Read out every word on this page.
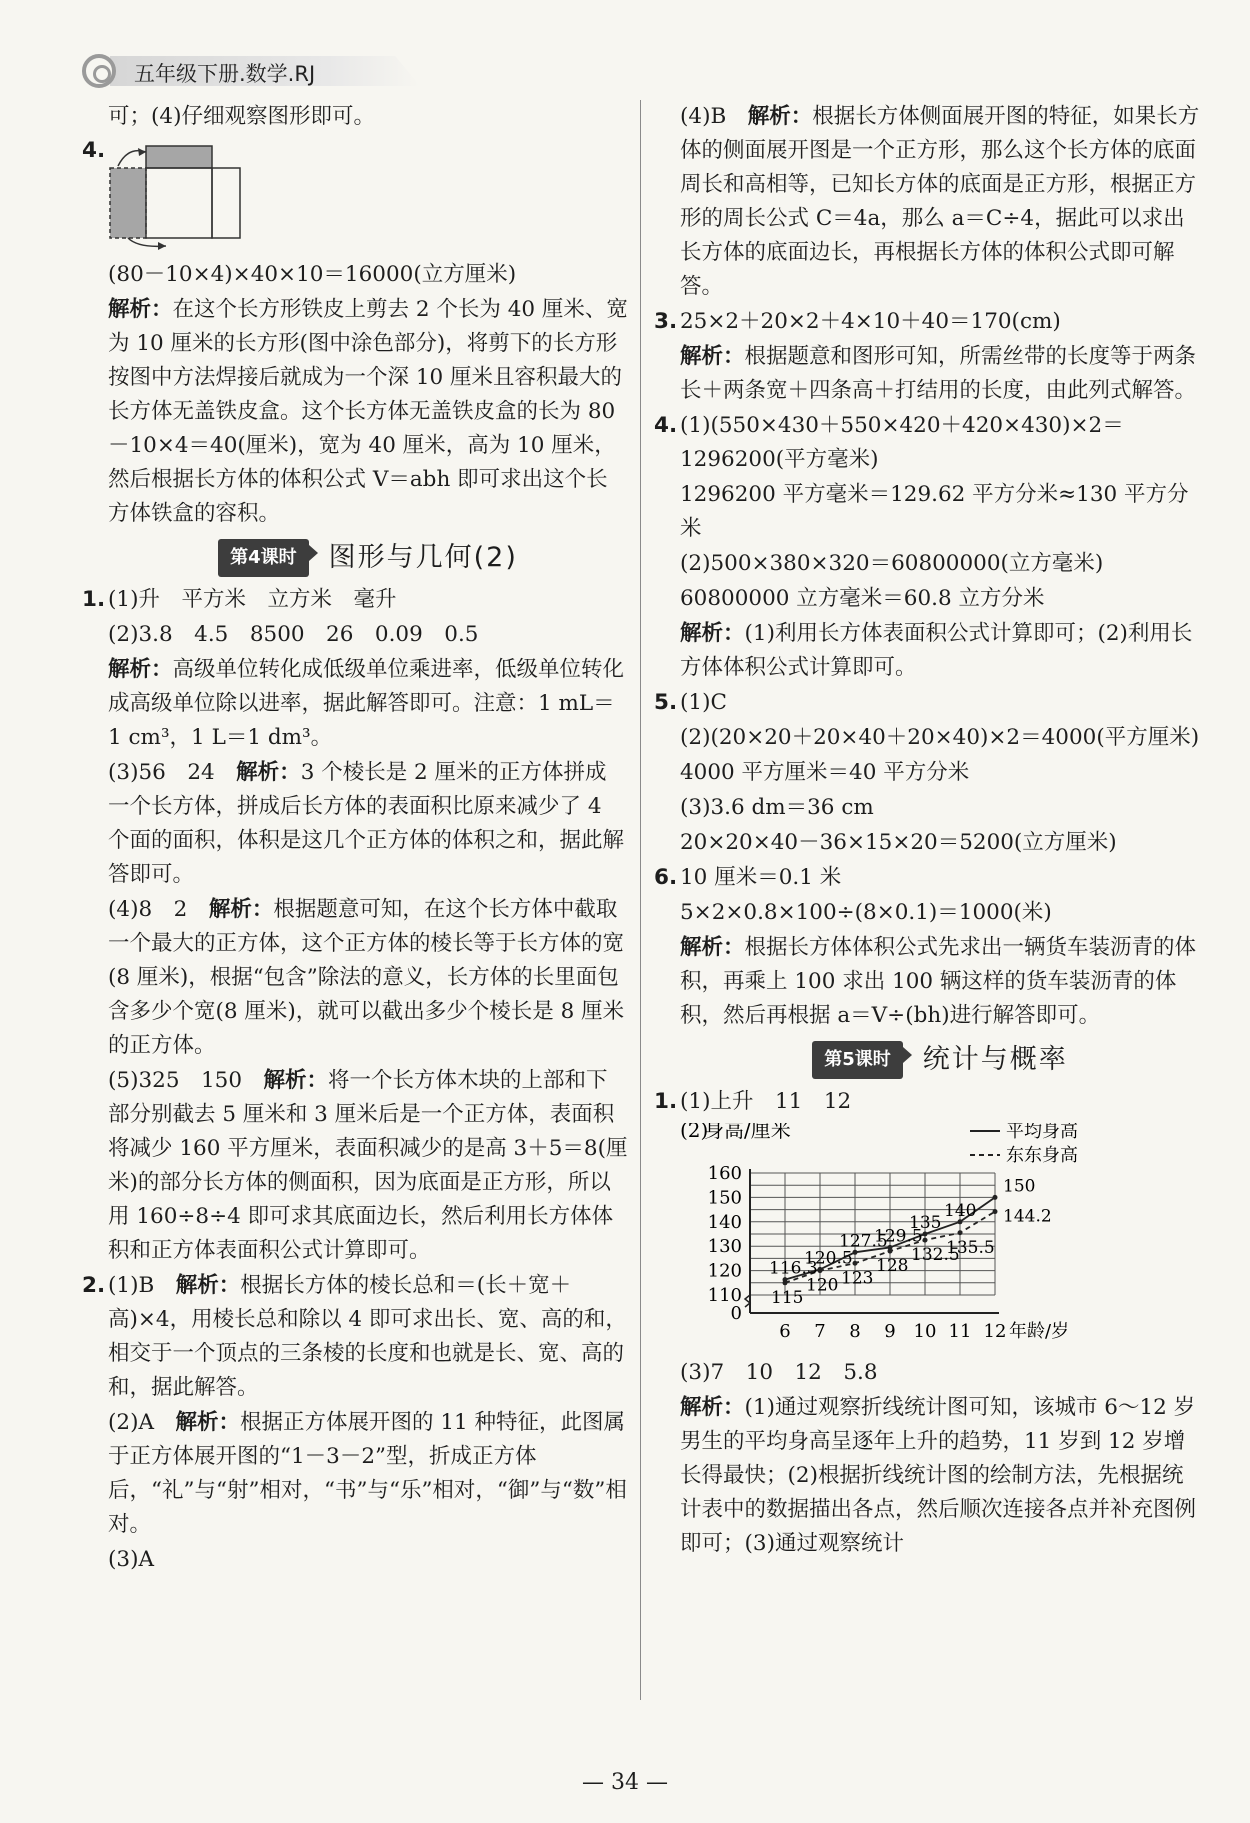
五年级下册.数学.RJ

可；(4)仔细观察图形即可。

4.

(80－10×4)×40×10＝16000(立方厘米)

解析：在这个长方形铁皮上剪去 2 个长为 40 厘米、宽为 10 厘米的长方形(图中涂色部分)，将剪下的长方形按图中方法焊接后就成为一个深 10 厘米且容积最大的长方体无盖铁皮盒。这个长方体无盖铁皮盒的长为 80－10×4＝40(厘米)，宽为 40 厘米，高为 10 厘米，然后根据长方体的体积公式 V＝abh 即可求出这个长方体铁盒的容积。

第4课时	图形与几何(2)

1. (1)升　平方米　立方米　毫升

(2)3.8　4.5　8500　26　0.09　0.5

解析：高级单位转化成低级单位乘进率，低级单位转化成高级单位除以进率，据此解答即可。注意：1 mL＝1 cm³，1 L＝1 dm³。

(3)56　24　解析：3 个棱长是 2 厘米的正方体拼成一个长方体，拼成后长方体的表面积比原来减少了 4 个面的面积，体积是这几个正方体的体积之和，据此解答即可。

(4)8　2　解析：根据题意可知，在这个长方体中截取一个最大的正方体，这个正方体的棱长等于长方体的宽(8 厘米)，根据“包含”除法的意义，长方体的长里面包含多少个宽(8 厘米)，就可以截出多少个棱长是 8 厘米的正方体。

(5)325　150　解析：将一个长方体木块的上部和下部分别截去 5 厘米和 3 厘米后是一个正方体，表面积将减少 160 平方厘米，表面积减少的是高 3＋5＝8(厘米)的部分长方体的侧面积，因为底面是正方形，所以用 160÷8÷4 即可求其底面边长，然后利用长方体体积和正方体表面积公式计算即可。

2. (1)B　解析：根据长方体的棱长总和＝(长＋宽＋高)×4，用棱长总和除以 4 即可求出长、宽、高的和，相交于一个顶点的三条棱的长度和也就是长、宽、高的和，据此解答。

(2)A　解析：根据正方体展开图的 11 种特征，此图属于正方体展开图的“1－3－2”型，折成正方体后，“礼”与“射”相对，“书”与“乐”相对，“御”与“数”相对。

(3)A

(4)B　解析：根据长方体侧面展开图的特征，如果长方体的侧面展开图是一个正方形，那么这个长方体的底面周长和高相等，已知长方体的底面是正方形，根据正方形的周长公式 C＝4a，那么 a＝C÷4，据此可以求出长方体的底面边长，再根据长方体的体积公式即可解答。

3. 25×2＋20×2＋4×10＋40＝170(cm)

解析：根据题意和图形可知，所需丝带的长度等于两条长＋两条宽＋四条高＋打结用的长度，由此列式解答。

4. (1)(550×430＋550×420＋420×430)×2＝1296200(平方毫米)

1296200 平方毫米＝129.62 平方分米≈130 平方分米

(2)500×380×320＝60800000(立方毫米)

60800000 立方毫米＝60.8 立方分米

解析：(1)利用长方体表面积公式计算即可；(2)利用长方体体积公式计算即可。

5. (1)C

(2)(20×20＋20×40＋20×40)×2＝4000(平方厘米)

4000 平方厘米＝40 平方分米

(3)3.6 dm＝36 cm

20×20×40－36×15×20＝5200(立方厘米)

6. 10 厘米＝0.1 米

5×2×0.8×100÷(8×0.1)＝1000(米)

解析：根据长方体体积公式先求出一辆货车装沥青的体积，再乘上 100 求出 100 辆这样的货车装沥青的体积，然后再根据 a＝V÷(bh)进行解答即可。

第5课时	统计与概率

1. (1)上升　11　12

(2)
身高/厘米	平均身高
东东身高
0
110
120
130
140
150
160
6 7 8 9 10 11 12 年龄/岁
116.3
120.5
127.5
129.5
135
140
150
115
120 123
128
132.5
135.5
144.2

(3)7　10　12　5.8

解析：(1)通过观察折线统计图可知，该城市 6～12 岁男生的平均身高呈逐年上升的趋势，11 岁到 12 岁增长得最快；(2)根据折线统计图的绘制方法，先根据统计表中的数据描出各点，然后顺次连接各点并补充图例即可；(3)通过观察统计

— 34 —
